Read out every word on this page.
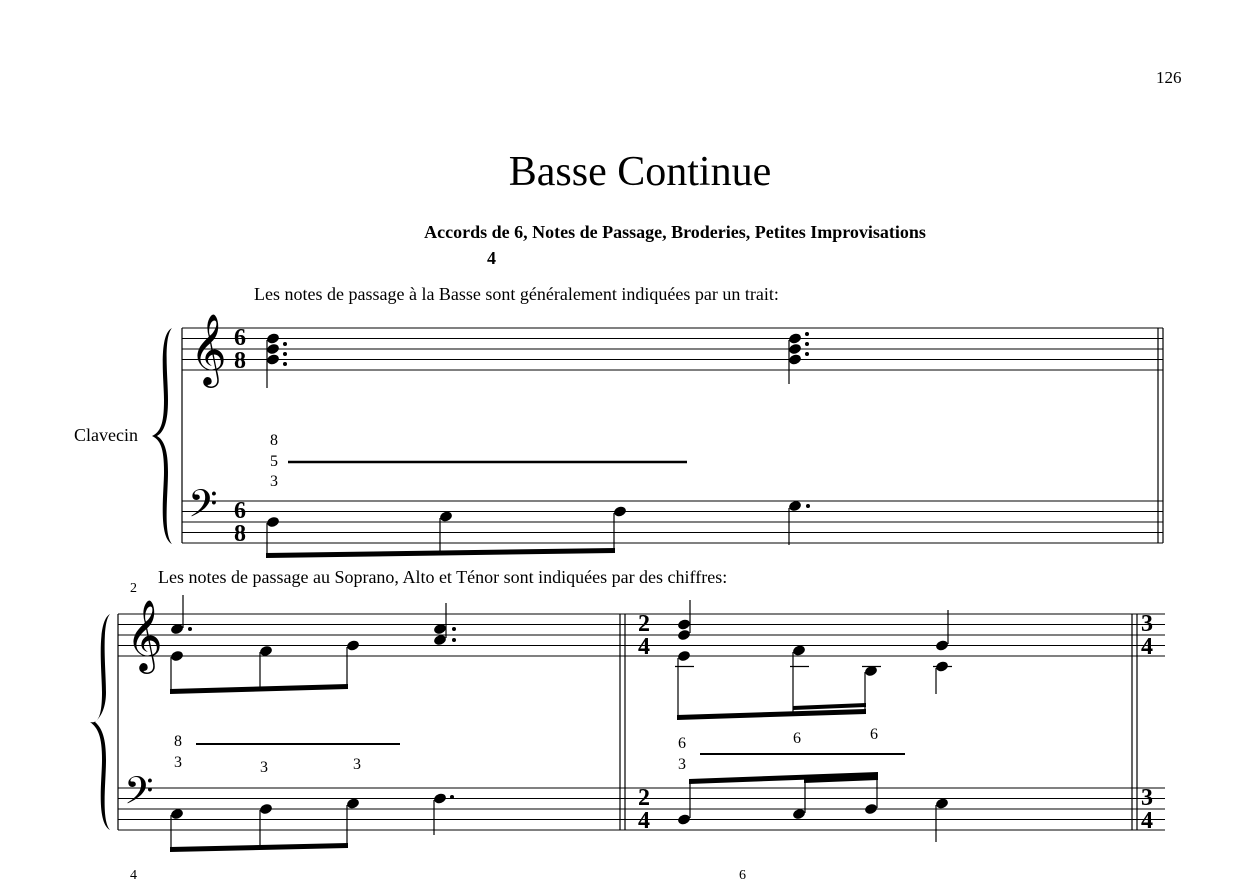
126
Basse Continue
Accords de 6, Notes de Passage, Broderies, Petites Improvisations
4
Les notes de passage à la Basse sont généralement indiquées par un trait:
Clavecin
Les notes de passage au Soprano, Alto et Ténor sont indiquées par des chiffres:
2
4	6
𝄞
𝄢
6
8
6
8
8
5
3
𝄞
𝄢
2
4
2
4
3
4
3
4
8
3	3	3
6
3
6	6
